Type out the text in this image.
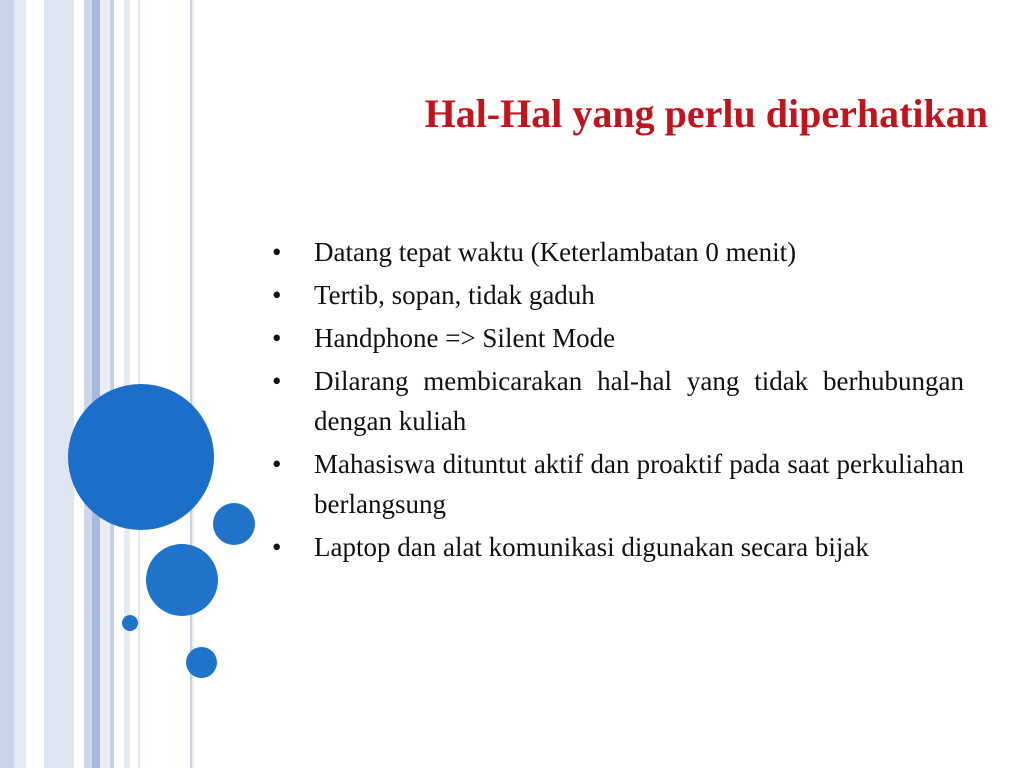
Hal-Hal yang perlu diperhatikan
•	Datang tepat waktu (Keterlambatan 0 menit)
•	Tertib, sopan, tidak gaduh
•	Handphone => Silent Mode
•	Dilarang membicarakan hal-hal yang tidak berhubungan dengan kuliah
•	Mahasiswa dituntut aktif dan proaktif pada saat perkuliahan berlangsung
•	Laptop dan alat komunikasi digunakan secara bijak
